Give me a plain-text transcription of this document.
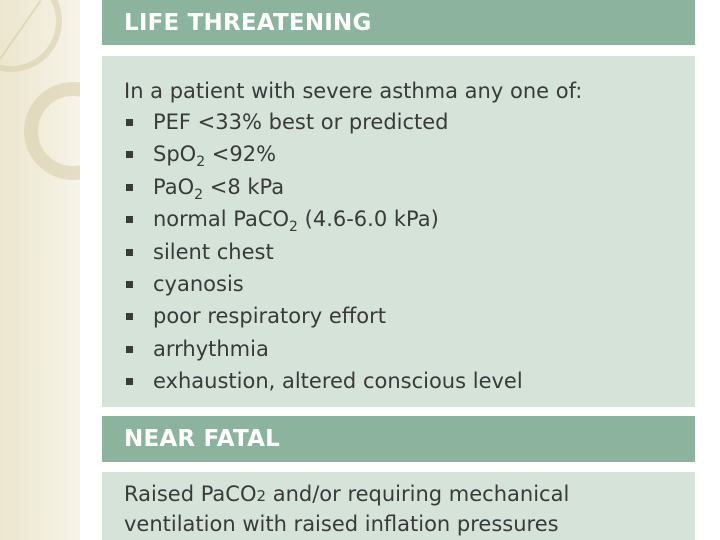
LIFE THREATENING
In a patient with severe asthma any one of:
PEF <33% best or predicted
SpO$_2$ <92%
PaO$_2$ <8 kPa
normal PaCO$_2$ (4.6-6.0 kPa)
silent chest
cyanosis
poor respiratory effort
arrhythmia
exhaustion, altered conscious level
NEAR FATAL
Raised PaCO2 and/or requiring mechanical
ventilation with raised inflation pressures
